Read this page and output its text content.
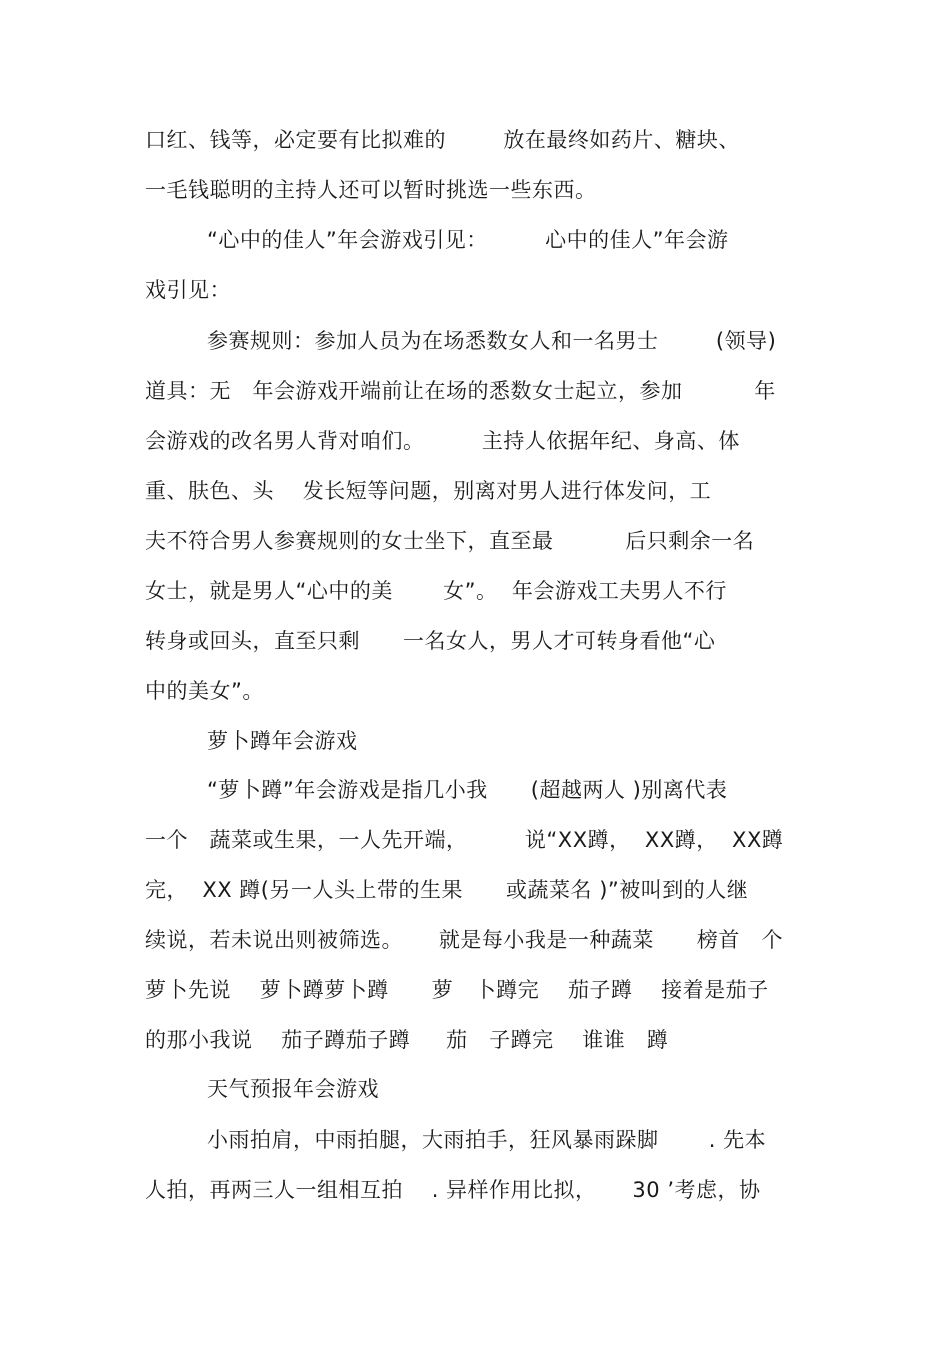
口红、钱等，必定要有比拟难的        放在最终如药片、糖块、
一毛钱聪明的主持人还可以暂时挑选一些东西。
“心中的佳人”年会游戏引见：        心中的佳人”年会游
戏引见：
参赛规则：参加人员为在场悉数女人和一名男士        (领导)
道具：无   年会游戏开端前让在场的悉数女士起立，参加          年
会游戏的改名男人背对咱们。        主持人依据年纪、身高、体
重、肤色、头    发长短等问题，别离对男人进行体发问，工
夫不符合男人参赛规则的女士坐下，直至最          后只剩余一名
女士，就是男人“心中的美       女”。  年会游戏工夫男人不行
转身或回头，直至只剩      一名女人，男人才可转身看他“心
中的美女”。
萝卜蹲年会游戏
“萝卜蹲”年会游戏是指几小我      (超越两人 )别离代表
一个   蔬菜或生果，一人先开端，        说“XX蹲，  XX蹲，  XX蹲
完，  XX 蹲(另一人头上带的生果      或蔬菜名 )”被叫到的人继
续说，若未说出则被筛选。     就是每小我是一种蔬菜      榜首   个
萝卜先说    萝卜蹲萝卜蹲      萝   卜蹲完    茄子蹲    接着是茄子
的那小我说    茄子蹲茄子蹲     茄   子蹲完    谁谁   蹲
天气预报年会游戏
小雨拍肩，中雨拍腿，大雨拍手，狂风暴雨跺脚       . 先本
人拍，再两三人一组相互拍    . 异样作用比拟，     30 ’考虑，协
